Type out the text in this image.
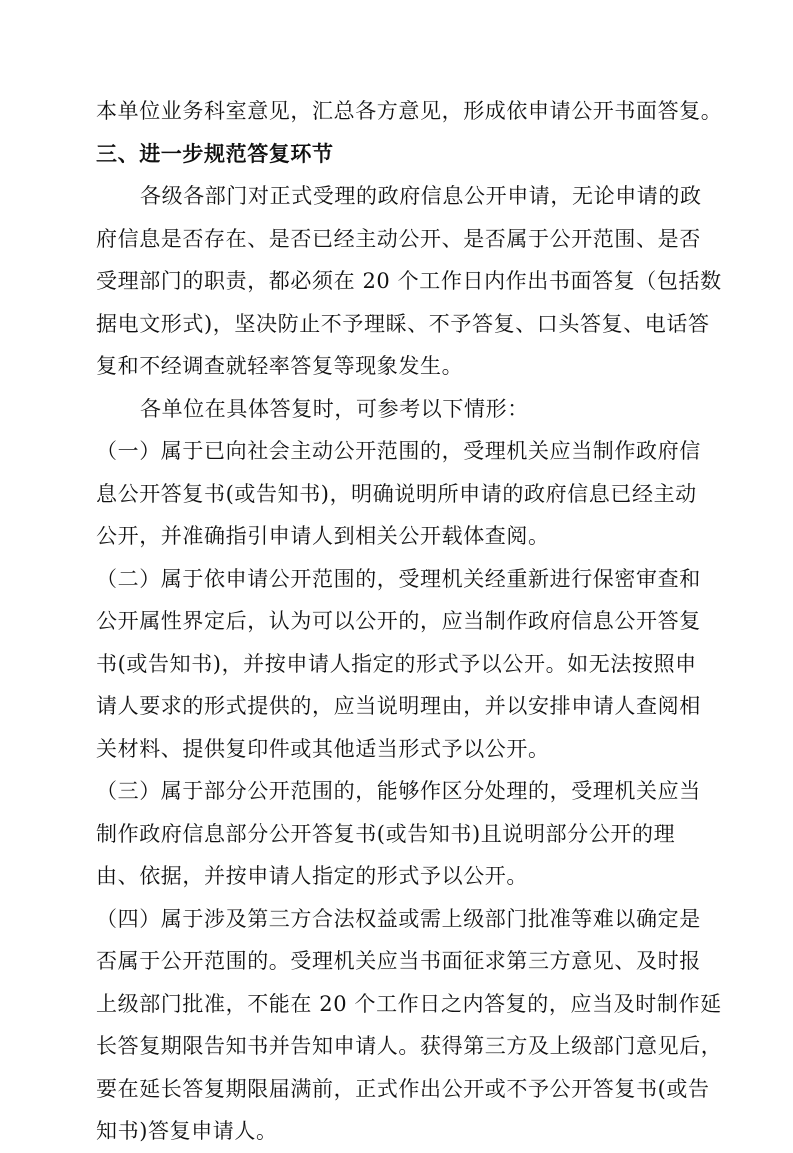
本单位业务科室意见，汇总各方意见，形成依申请公开书面答复。
三、进一步规范答复环节
各级各部门对正式受理的政府信息公开申请，无论申请的政
府信息是否存在、是否已经主动公开、是否属于公开范围、是否
受理部门的职责，都必须在 20 个工作日内作出书面答复（包括数
据电文形式)，坚决防止不予理睬、不予答复、口头答复、电话答
复和不经调查就轻率答复等现象发生。
各单位在具体答复时，可参考以下情形：
（一）属于已向社会主动公开范围的，受理机关应当制作政府信
息公开答复书(或告知书)，明确说明所申请的政府信息已经主动
公开，并准确指引申请人到相关公开载体查阅。
（二）属于依申请公开范围的，受理机关经重新进行保密审查和
公开属性界定后，认为可以公开的，应当制作政府信息公开答复
书(或告知书)，并按申请人指定的形式予以公开。如无法按照申
请人要求的形式提供的，应当说明理由，并以安排申请人查阅相
关材料、提供复印件或其他适当形式予以公开。
（三）属于部分公开范围的，能够作区分处理的，受理机关应当
制作政府信息部分公开答复书(或告知书)且说明部分公开的理
由、依据，并按申请人指定的形式予以公开。
（四）属于涉及第三方合法权益或需上级部门批准等难以确定是
否属于公开范围的。受理机关应当书面征求第三方意见、及时报
上级部门批准，不能在 20 个工作日之内答复的，应当及时制作延
长答复期限告知书并告知申请人。获得第三方及上级部门意见后，
要在延长答复期限届满前，正式作出公开或不予公开答复书(或告
知书)答复申请人。
